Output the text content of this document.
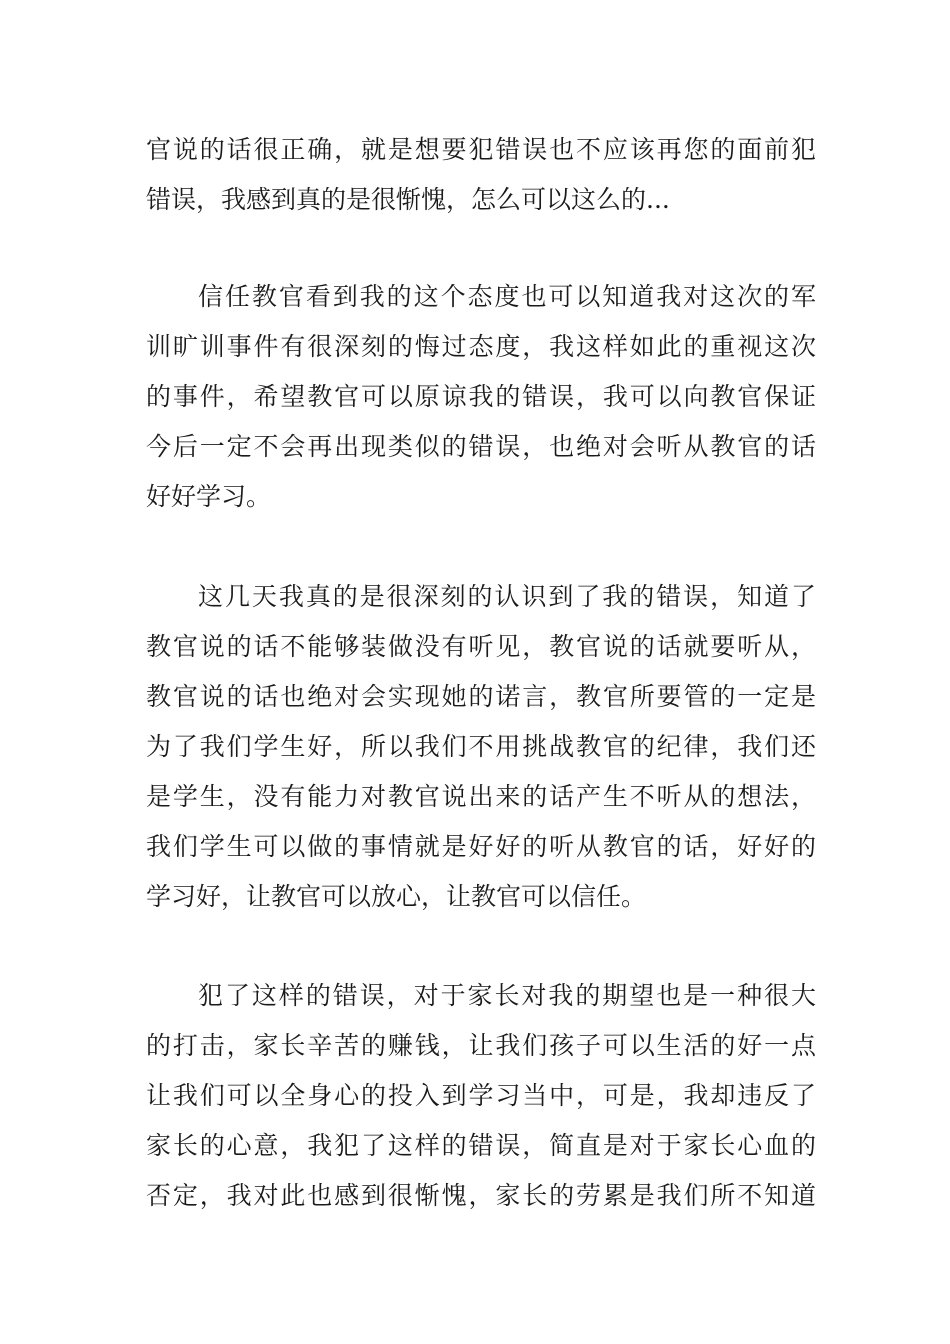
官说的话很正确，就是想要犯错误也不应该再您的面前犯
错误，我感到真的是很惭愧，怎么可以这么的...

信任教官看到我的这个态度也可以知道我对这次的军
训旷训事件有很深刻的悔过态度，我这样如此的重视这次
的事件，希望教官可以原谅我的错误，我可以向教官保证
今后一定不会再出现类似的错误，也绝对会听从教官的话
好好学习。

这几天我真的是很深刻的认识到了我的错误，知道了
教官说的话不能够装做没有听见，教官说的话就要听从，
教官说的话也绝对会实现她的诺言，教官所要管的一定是
为了我们学生好，所以我们不用挑战教官的纪律，我们还
是学生，没有能力对教官说出来的话产生不听从的想法，
我们学生可以做的事情就是好好的听从教官的话，好好的
学习好，让教官可以放心，让教官可以信任。

犯了这样的错误，对于家长对我的期望也是一种很大
的打击，家长辛苦的赚钱，让我们孩子可以生活的好一点
让我们可以全身心的投入到学习当中，可是，我却违反了
家长的心意，我犯了这样的错误，简直是对于家长心血的
否定，我对此也感到很惭愧，家长的劳累是我们所不知道
